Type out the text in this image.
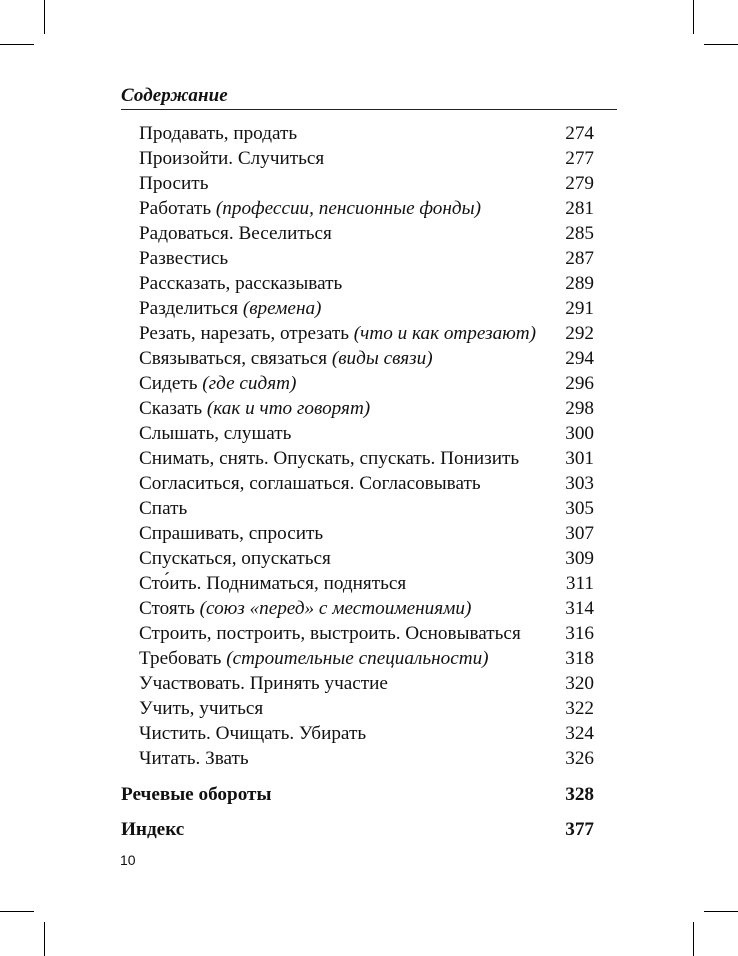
Содержание
Продавать, продать	274
Произойти. Случиться	277
Просить	279
Работать (профессии, пенсионные фонды)	281
Радоваться. Веселиться	285
Развестись	287
Рассказать, рассказывать	289
Разделиться (времена)	291
Резать, нарезать, отрезать (что и как отрезают)	292
Связываться, связаться (виды связи)	294
Сидеть (где сидят)	296
Сказать (как и что говорят)	298
Слышать, слушать	300
Снимать, снять. Опускать, спускать. Понизить	301
Согласиться, соглашаться. Согласовывать	303
Спать	305
Спрашивать, спросить	307
Спускаться, опускаться	309
Сто́ить. Подниматься, подняться	311
Стоять (союз «перед» с местоимениями)	314
Строить, построить, выстроить. Основываться	316
Требовать (строительные специальности)	318
Участвовать. Принять участие	320
Учить, учиться	322
Чистить. Очищать. Убирать	324
Читать. Звать	326
Речевые обороты	328
Индекс	377
10
